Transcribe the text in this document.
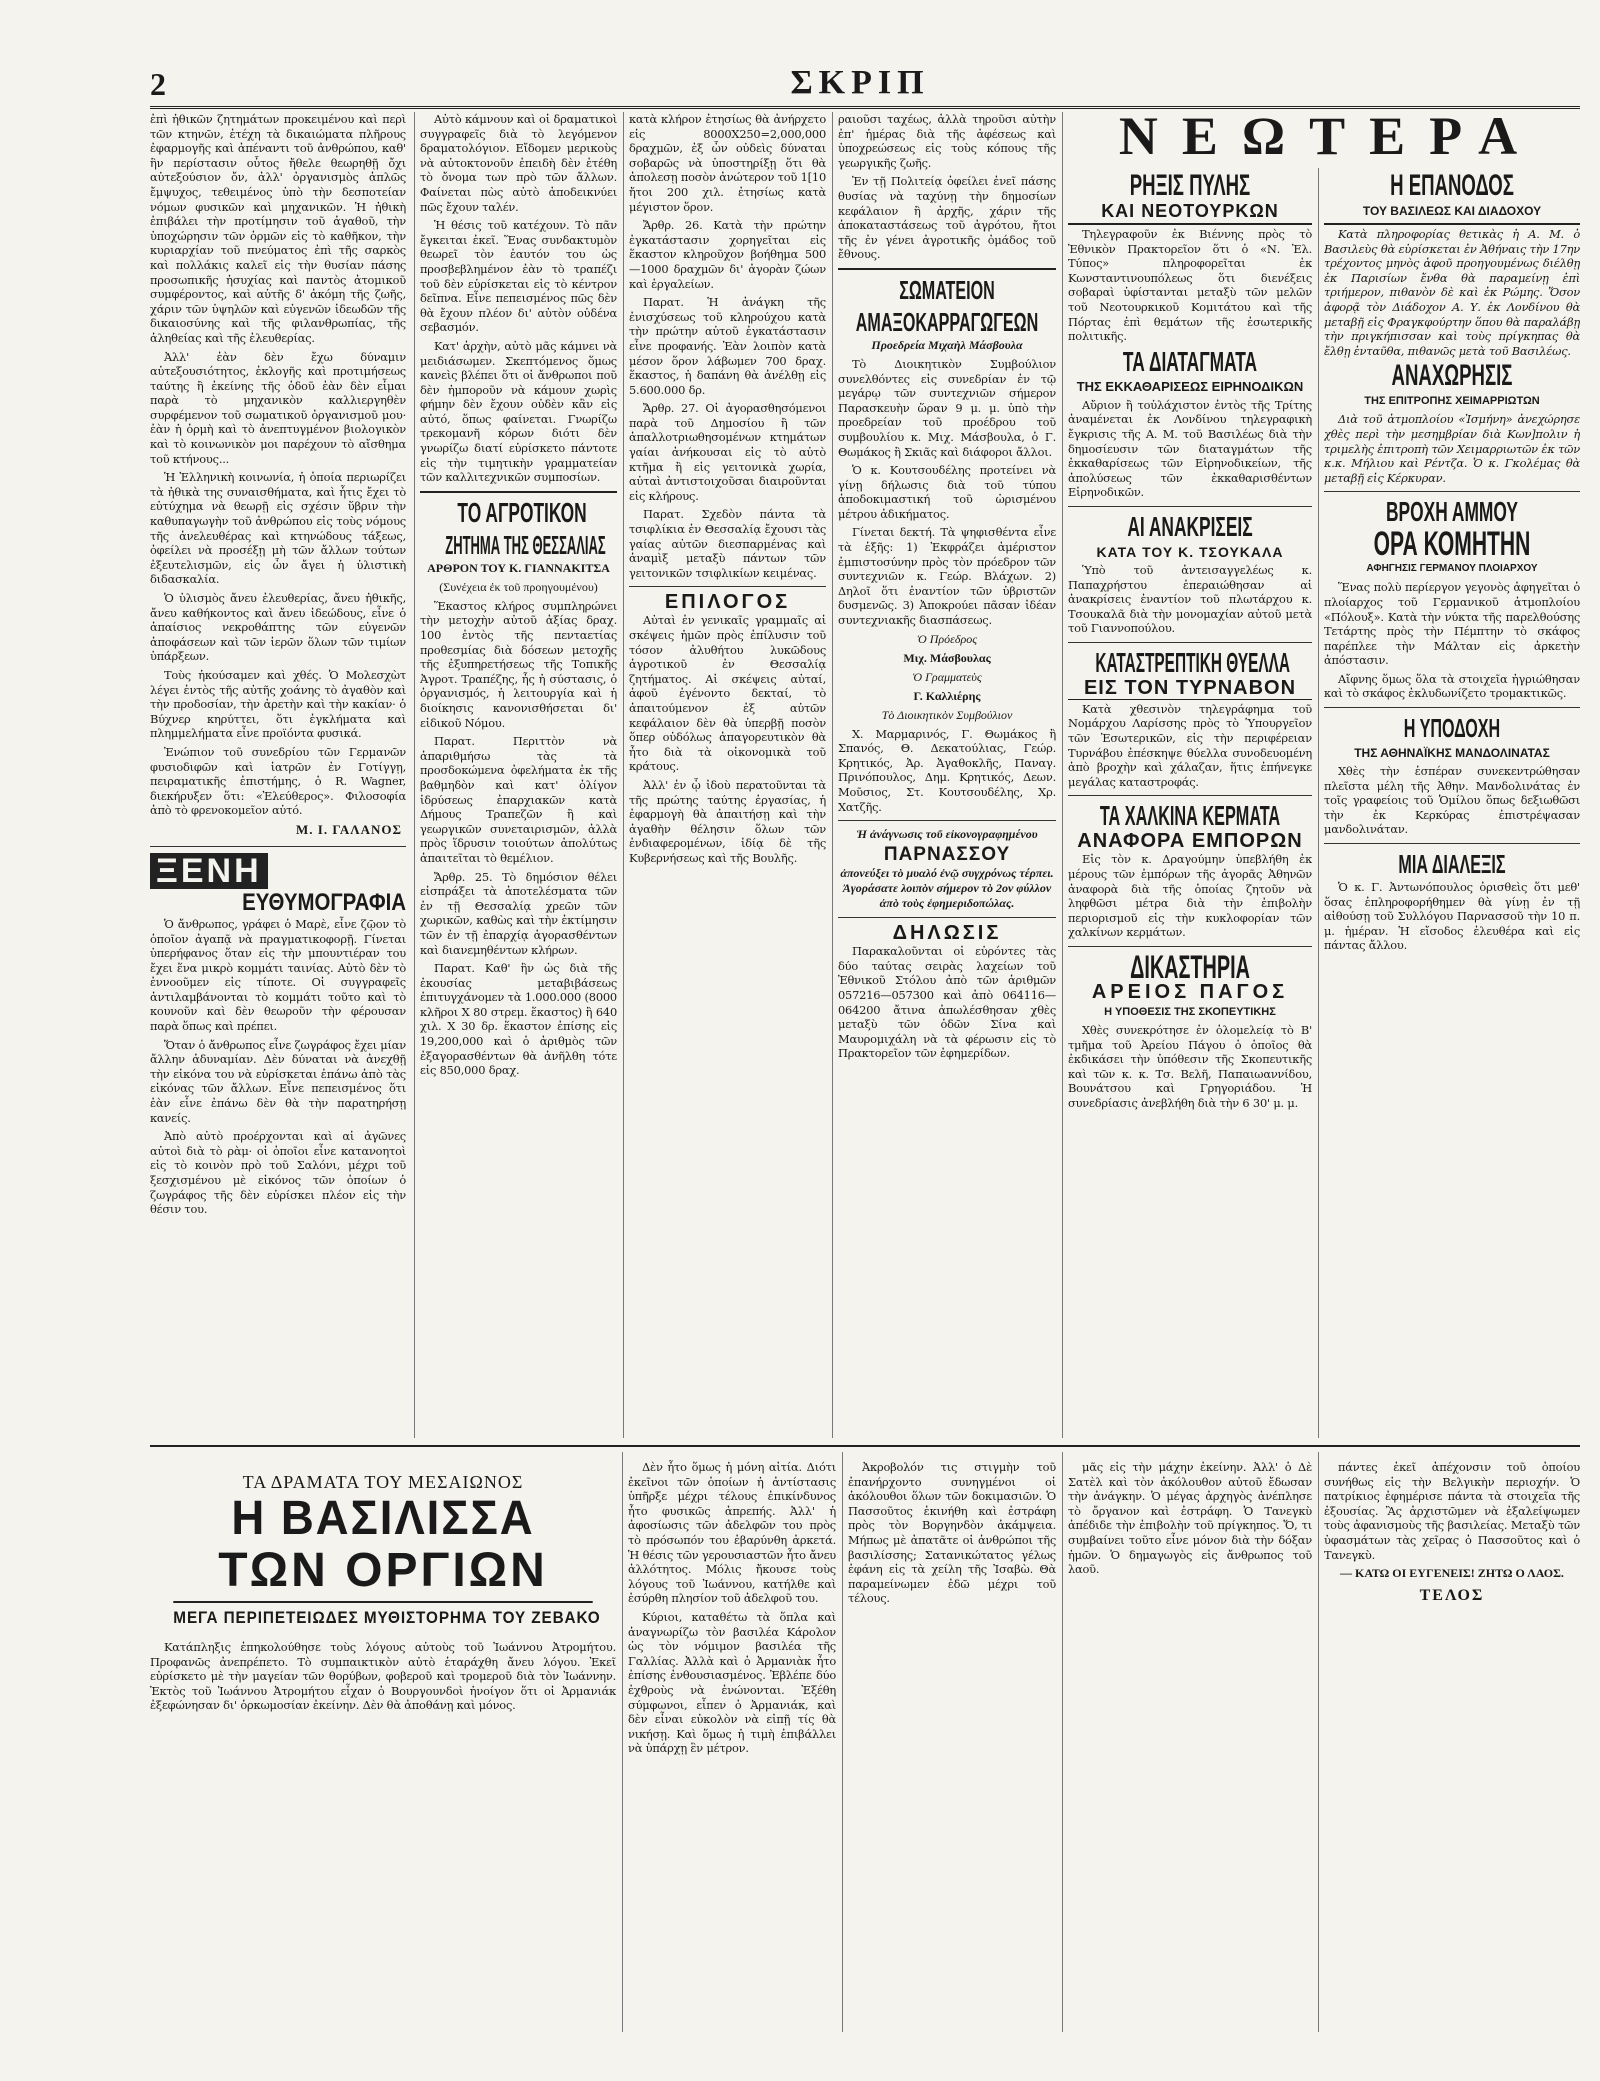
2	ΣΚΡΙΠ

ἐπὶ ἠθικῶν ζητημάτων προκειμένου καὶ περὶ τῶν κτηνῶν, ἐτέχη τὰ δικαιώματα πλῆρους ἐφαρμογῆς καὶ ἀπέναντι τοῦ ἀνθρώπου, καθ' ἣν περίστασιν οὗτος ἤθελε θεωρηθῇ ὄχι αὐτεξούσιον ὄν, ἀλλ' ὀργανισμὸς ἁπλῶς ἔμψυχος, τεθειμένος ὑπὸ τὴν δεσποτείαν νόμων φυσικῶν καὶ μηχανικῶν. Ἡ ἠθικὴ ἐπιβάλει τὴν προτίμησιν τοῦ ἀγαθοῦ, τὴν ὑποχώρησιν τῶν ὁρμῶν εἰς τὸ καθῆκον, τὴν κυριαρχίαν τοῦ πνεύματος ἐπὶ τῆς σαρκὸς καὶ πολλάκις καλεῖ εἰς τὴν θυσίαν πάσης προσωπικῆς ἡσυχίας καὶ παντὸς ἀτομικοῦ συμφέροντος, καὶ αὐτῆς δ' ἀκόμη τῆς ζωῆς, χάριν τῶν ὑψηλῶν καὶ εὐγενῶν ἰδεωδῶν τῆς δικαιοσύνης καὶ τῆς φιλανθρωπίας, τῆς ἀληθείας καὶ τῆς ἐλευθερίας.

Ἀλλ' ἐὰν δὲν ἔχω δύναμιν αὐτεξουσιότητος, ἐκλογῆς καὶ προτιμήσεως ταύτης ἢ ἐκείνης τῆς ὁδοῦ ἐὰν δὲν εἶμαι παρὰ τὸ μηχανικὸν καλλιεργηθὲν συρφέμενον τοῦ σωματικοῦ ὀργανισμοῦ μου· ἐὰν ἡ ὁρμὴ καὶ τὸ ἀνεπτυγμένον βιολογικὸν καὶ τὸ κοινωνικὸν μοι παρέχουν τὸ αἴσθημα τοῦ κτήνους...

Ἡ Ἑλληνικὴ κοινωνία, ἡ ὁποία περιωρίζει τὰ ἠθικὰ της συναισθήματα, καὶ ἧτις ἔχει τὸ εὐτύχημα νὰ θεωρῇ εἰς σχέσιν ὕβριν τὴν καθυπαγωγὴν τοῦ ἀνθρώπου εἰς τοὺς νόμους τῆς ἀνελευθέρας καὶ κτηνώδους τάξεως, ὀφείλει νὰ προσέξῃ μὴ τῶν ἄλλων τούτων ἐξευτελισμῶν, εἰς ὧν ἄγει ἡ ὑλιστικὴ διδασκαλία.

Ὁ ὑλισμὸς ἄνευ ἐλευθερίας, ἄνευ ἠθικῆς, ἄνευ καθήκοντος καὶ ἄνευ ἰδεώδους, εἶνε ὁ ἀπαίσιος νεκροθάπτης τῶν εὐγενῶν ἀποφάσεων καὶ τῶν ἱερῶν ὅλων τῶν τιμίων ὑπάρξεων.

Τοὺς ἠκούσαμεν καὶ χθές. Ὁ Μολεσχὼτ λέγει ἐντὸς τῆς αὐτῆς χοάνης τὸ ἀγαθὸν καὶ τὴν προδοσίαν, τὴν ἀρετὴν καὶ τὴν κακίαν· ὁ Βύχνερ κηρύττει, ὅτι ἐγκλήματα καὶ πλημμελήματα εἶνε προϊόντα φυσικά.

Ἐνώπιον τοῦ συνεδρίου τῶν Γερμανῶν φυσιοδιφῶν καὶ ἰατρῶν ἐν Γοτίγγῃ, πειραματικῆς ἐπιστήμης, ὁ R. Wagner, διεκήρυξεν ὅτι: «Ἐλεύθερος». Φιλοσοφία ἀπὸ τὸ φρενοκομεῖον αὐτό.

Μ. Ι. ΓΑΛΑΝΟΣ
ΞΕΝΗ
ΕΥΘΥΜΟΓΡΑΦΙΑ

Ὁ ἄνθρωπος, γράφει ὁ Μαρὲ, εἶνε ζῷον τὸ ὁποῖον ἀγαπᾷ νὰ πραγματικοφορῇ. Γίνεται ὑπερήφανος ὅταν εἰς τὴν μπουντιέραν του ἔχει ἕνα μικρὸ κομμάτι ταινίας. Αὐτὸ δὲν τὸ ἐννοοῦμεν εἰς τίποτε. Οἱ συγγραφεῖς ἀντιλαμβάνονται τὸ κομμάτι τοῦτο καὶ τὸ κουνοῦν καὶ δὲν θεωροῦν τὴν φέρουσαν παρὰ ὅπως καὶ πρέπει.

Ὅταν ὁ ἄνθρωπος εἶνε ζωγράφος ἔχει μίαν ἄλλην ἀδυναμίαν. Δὲν δύναται νὰ ἀνεχθῇ τὴν εἰκόνα του νὰ εὑρίσκεται ἐπάνω ἀπὸ τὰς εἰκόνας τῶν ἄλλων. Εἶνε πεπεισμένος ὅτι ἐὰν εἶνε ἐπάνω δὲν θὰ τὴν παρατηρήσῃ κανείς.

Ἀπὸ αὐτὸ προέρχονται καὶ αἱ ἀγῶνες αὐτοὶ διὰ τὸ ρὰμ· οἱ ὁποῖοι εἶνε κατανοητοὶ εἰς τὸ κοινὸν πρὸ τοῦ Σαλόνι, μέχρι τοῦ ξεσχισμένου μὲ εἰκόνος τῶν ὁποίων ὁ ζωγράφος τῆς δὲν εὑρίσκει πλέον εἰς τὴν θέσιν του.

Αὐτὸ κάμνουν καὶ οἱ δραματικοὶ συγγραφεῖς διὰ τὸ λεγόμενον δραματολόγιον. Εἴδομεν μερικοὺς νὰ αὐτοκτονοῦν ἐπειδὴ δὲν ἐτέθη τὸ ὄνομα των πρὸ τῶν ἄλλων. Φαίνεται πὼς αὐτὸ ἀποδεικνύει πῶς ἔχουν ταλέν.

Ἡ θέσις τοῦ κατέχουν. Τὸ πᾶν ἔγκειται ἐκεῖ. Ἕνας συνδακτυμὸν θεωρεῖ τὸν ἑαυτόν του ὡς προσβεβλημένον ἐὰν τὸ τραπέζι τοῦ δὲν εὑρίσκεται εἰς τὸ κέντρον δεῖπνα. Εἶνε πεπεισμένος πῶς δὲν θὰ ἔχουν πλέον δι' αὐτὸν οὐδένα σεβασμόν.

Κατ' ἀρχὴν, αὐτὸ μᾶς κάμνει νὰ μειδιάσωμεν. Σκεπτόμενος ὅμως κανεὶς βλέπει ὅτι οἱ ἄνθρωποι ποῦ δὲν ἡμποροῦν νὰ κάμουν χωρὶς φήμην δὲν ἔχουν οὐδὲν κἂν εἰς αὐτό, ὅπως φαίνεται. Γνωρίζω τρεκομανῆ κόρων διότι δὲν γνωρίζω διατί εὑρίσκετο πάντοτε εἰς τὴν τιμητικὴν γραμματείαν τῶν καλλιτεχνικῶν συμποσίων.

ΤΟ ΑΓΡΟΤΙΚΟΝ
ΖΗΤΗΜΑ ΤΗΣ ΘΕΣΣΑΛΙΑΣ
ΑΡΘΡΟΝ ΤΟΥ Κ. ΓΙΑΝΝΑΚΙΤΣΑ
(Συνέχεια ἐκ τοῦ προηγουμένου)

Ἕκαστος κλήρος συμπληρώνει τὴν μετοχὴν αὐτοῦ ἀξίας δραχ. 100 ἐντὸς τῆς πενταετίας προθεσμίας διὰ δόσεων μετοχῆς τῆς ἐξυπηρετήσεως τῆς Τοπικῆς Ἀγροτ. Τραπέζης, ἧς ἡ σύστασις, ὁ ὀργανισμός, ἡ λειτουργία καὶ ἡ διοίκησις κανονισθήσεται δι' εἰδικοῦ Νόμου.

Παρατ. Περιττὸν νὰ ἀπαριθμήσω τὰς τὰ προσδοκώμενα ὀφελήματα ἐκ τῆς βαθμηδὸν καὶ κατ' ὀλίγον ἱδρύσεως ἐπαρχιακῶν κατὰ Δήμους Τραπεζῶν ἢ καὶ γεωργικῶν συνεταιρισμῶν, ἀλλὰ πρὸς ἵδρυσιν τοιούτων ἀπολύτως ἀπαιτεῖται τὸ θεμέλιον.

Ἄρθρ. 25. Τὸ δημόσιον θέλει εἰσπράξει τὰ ἀποτελέσματα τῶν ἐν τῇ Θεσσαλίᾳ χρεῶν τῶν χωρικῶν, καθὼς καὶ τὴν ἐκτίμησιν τῶν ἐν τῇ ἐπαρχίᾳ ἀγορασθέντων καὶ διανεμηθέντων κλήρων.

Παρατ. Καθ' ἣν ὡς διὰ τῆς ἐκουσίας μεταβιβάσεως ἐπιτυγχάνομεν τὰ 1.000.000 (8000 κλῆροι Χ 80 στρεμ. ἕκαστος) ἢ 640 χιλ. Χ 30 δρ. ἕκαστον ἐπίσης εἰς 19,200,000 καὶ ὁ ἀριθμὸς τῶν ἐξαγορασθέντων θὰ ἀνῆλθη τότε εἰς 850,000 δραχ.

κατὰ κλήρον ἐτησίως θὰ ἀνήρχετο εἰς 8000Χ250=2,000,000 δραχμῶν, ἐξ ὧν οὐδεὶς δύναται σοβαρῶς νὰ ὑποστηρίξῃ ὅτι θὰ ἀπολεσῃ ποσὸν ἀνώτερον τοῦ 1[10 ἤτοι 200 χιλ. ἐτησίως κατὰ μέγιστον ὅρον.

Ἄρθρ. 26. Κατὰ τὴν πρώτην ἐγκατάστασιν χορηγεῖται εἰς ἕκαστον κληροῦχον βοήθημα 500—1000 δραχμῶν δι' ἀγορὰν ζώων καὶ ἐργαλείων.

Παρατ. Ἡ ἀνάγκη τῆς ἐνισχύσεως τοῦ κληρούχου κατὰ τὴν πρώτην αὐτοῦ ἐγκατάστασιν εἶνε προφανής. Ἐὰν λοιπὸν κατὰ μέσον ὅρον λάβωμεν 700 δραχ. ἕκαστος, ἡ δαπάνη θὰ ἀνέλθῃ εἰς 5.600.000 δρ.

Ἄρθρ. 27. Οἱ ἀγορασθησόμενοι παρὰ τοῦ Δημοσίου ἢ τῶν ἀπαλλοτριωθησομένων κτημάτων γαίαι ἀνήκουσαι εἰς τὸ αὐτὸ κτῆμα ἢ εἰς γειτονικὰ χωρία, αὐταὶ ἀντιστοιχοῦσαι διαιροῦνται εἰς κλήρους.

Παρατ. Σχεδὸν πάντα τὰ τσιφλίκια ἐν Θεσσαλίᾳ ἔχουσι τὰς γαίας αὐτῶν διεσπαρμένας καὶ ἀναμὶξ μεταξὺ πάντων τῶν γειτονικῶν τσιφλικίων κειμένας.

ΕΠΙΛΟΓΟΣ

Αὐταὶ ἐν γενικαῖς γραμμαῖς αἱ σκέψεις ἡμῶν πρὸς ἐπίλυσιν τοῦ τόσον ἀλυθήτου λυκῶδους ἀγροτικοῦ ἐν Θεσσαλίᾳ ζητήματος. Αἱ σκέψεις αὐταί, ἀφοῦ ἐγένοντο δεκταί, τὸ ἀπαιτούμενον ἐξ αὐτῶν κεφάλαιον δὲν θὰ ὑπερβῇ ποσὸν ὅπερ οὐδόλως ἀπαγορευτικὸν θὰ ἦτο διὰ τὰ οἰκονομικὰ τοῦ κράτους.

Ἀλλ' ἐν ᾧ ἰδοὺ περατοῦνται τὰ τῆς πρώτης ταύτης ἐργασίας, ἡ ἐφαρμογὴ θὰ ἀπαιτήσῃ καὶ τὴν ἀγαθὴν θέλησιν ὅλων τῶν ἐνδιαφερομένων, ἰδίᾳ δὲ τῆς Κυβερνήσεως καὶ τῆς Βουλῆς.

ραιοῦσι ταχέως, ἀλλὰ τηροῦσι αὐτὴν ἐπ' ἡμέρας διὰ τῆς ἀφέσεως καὶ ὑποχρεώσεως εἰς τοὺς κόπους τῆς γεωργικῆς ζωῆς.

Ἐν τῇ Πολιτείᾳ ὀφείλει ἐνεῖ πάσης θυσίας νὰ ταχύνῃ τὴν δημοσίων κεφάλαιον ἢ ἀρχῆς, χάριν τῆς ἀποκαταστάσεως τοῦ ἀγρότου, ἤτοι τῆς ἐν γένει ἀγροτικῆς ὁμάδος τοῦ ἔθνους.

ΣΩΜΑΤΕΙΟΝ
ΑΜΑΞΟΚΑΡΡΑΓΩΓΕΩΝ
Προεδρεία Μιχαὴλ Μάσβουλα

Τὸ Διοικητικὸν Συμβούλιον συνελθόντες εἰς συνεδρίαν ἐν τῷ μεγάρῳ τῶν συντεχνιῶν σήμερον Παρασκευὴν ὥραν 9 μ. μ. ὑπὸ τὴν προεδρείαν τοῦ προέδρου τοῦ συμβουλίου κ. Μιχ. Μάσβουλα, ὁ Γ. Θωμάκος ἢ Σκιᾶς καὶ διάφοροι ἄλλοι.

Ὁ κ. Κουτσουδέλης προτείνει νὰ γίνῃ δήλωσις διὰ τοῦ τύπου ἀποδοκιμαστική τοῦ ὡρισμένου μέτρου ἀδικήματος.

Γίνεται δεκτή. Τὰ ψηφισθέντα εἶνε τὰ ἑξῆς: 1) Ἐκφράζει ἀμέριστον ἐμπιστοσύνην πρὸς τὸν πρόεδρον τῶν συντεχνιῶν κ. Γεώρ. Βλάχων. 2) Δηλοῖ ὅτι ἐναντίον τῶν ὑβριστῶν δυσμενῶς. 3) Ἀποκρούει πᾶσαν ἰδέαν συντεχνιακῆς διασπάσεως.

Ὁ Πρόεδρος
Μιχ. Μάσβουλας
Ὁ Γραμματεὺς
Γ. Καλλιέρης
Τὸ Διοικητικὸν Συμβούλιον

Χ. Μαρμαρινός, Γ. Θωμάκος ἢ Σπανός, Θ. Δεκατούλιας, Γεώρ. Κρητικός, Ἀρ. Ἀγαθοκλῆς, Παναγ. Πρινόπουλος, Δημ. Κρητικός, Δεων. Μοῦσιος, Στ. Κουτσουδέλης, Χρ. Χατζῆς.

Ἡ ἀνάγνωσις τοῦ εἰκονογραφημένου
ΠΑΡΝΑΣΣΟΥ
ἀπονεύξει τὸ μυαλό ἐνῷ συγχρόνως τέρπει. Ἀγοράσατε λοιπὸν σήμερον τὸ 2ον φύλλον ἀπὸ τοὺς ἐφημεριδοπώλας.
ΔΗΛΩΣΙΣ

Παρακαλοῦνται οἱ εὑρόντες τὰς δύο ταύτας σειρὰς λαχείων τοῦ Ἐθνικοῦ Στόλου ἀπὸ τῶν ἀριθμῶν 057216—057300 καὶ ἀπὸ 064116—064200 ἄτινα ἀπωλέσθησαν χθὲς μεταξὺ τῶν ὁδῶν Σίνα καὶ Μαυρομιχάλη νὰ τὰ φέρωσιν εἰς τὸ Πρακτορεῖον τῶν ἐφημερίδων.

ΝΕΩΤΕΡΑ
ΡΗΞΙΣ ΠΥΛΗΣ
ΚΑΙ ΝΕΟΤΟΥΡΚΩΝ

Τηλεγραφοῦν ἐκ Βιέννης πρὸς τὸ Ἐθνικὸν Πρακτορεῖον ὅτι ὁ «Ν. Ἐλ. Τύπος» πληροφορεῖται ἐκ Κωνσταντινουπόλεως ὅτι διενέξεις σοβαραὶ ὑφίστανται μεταξὺ τῶν μελῶν τοῦ Νεοτουρκικοῦ Κομιτάτου καὶ τῆς Πόρτας ἐπὶ θεμάτων τῆς ἐσωτερικῆς πολιτικῆς.

ΤΑ ΔΙΑΤΑΓΜΑΤΑ
ΤΗΣ ΕΚΚΑΘΑΡΙΣΕΩΣ ΕΙΡΗΝΟΔΙΚΩΝ

Αὔριον ἢ τοὐλάχιστον ἐντὸς τῆς Τρίτης ἀναμένεται ἐκ Λονδίνου τηλεγραφικὴ ἔγκρισις τῆς Α. Μ. τοῦ Βασιλέως διὰ τὴν δημοσίευσιν τῶν διαταγμάτων τῆς ἐκκαθαρίσεως τῶν Εἰρηνοδικείων, τῆς ἀπολύσεως τῶν ἐκκαθαρισθέντων Εἰρηνοδικῶν.

ΑΙ ΑΝΑΚΡΙΣΕΙΣ
ΚΑΤΑ ΤΟΥ Κ. ΤΣΟΥΚΑΛΑ

Ὑπὸ τοῦ ἀντεισαγγελέως κ. Παπαχρήστου ἐπεραιώθησαν αἱ ἀνακρίσεις ἐναντίον τοῦ πλωτάρχου κ. Τσουκαλᾶ διὰ τὴν μονομαχίαν αὐτοῦ μετὰ τοῦ Γιαννοπούλου.

ΚΑΤΑΣΤΡΕΠΤΙΚΗ ΘΥΕΛΛΑ
ΕΙΣ ΤΟΝ ΤΥΡΝΑΒΟΝ

Κατὰ χθεσινὸν τηλεγράφημα τοῦ Νομάρχου Λαρίσσης πρὸς τὸ Ὑπουργεῖον τῶν Ἐσωτερικῶν, εἰς τὴν περιφέρειαν Τυρνάβου ἐπέσκηψε θύελλα συνοδευομένη ἀπὸ βροχὴν καὶ χάλαζαν, ἥτις ἐπήνεγκε μεγάλας καταστροφάς.

ΤΑ ΧΑΛΚΙΝΑ ΚΕΡΜΑΤΑ
ΑΝΑΦΟΡΑ ΕΜΠΟΡΩΝ

Εἰς τὸν κ. Δραγούμην ὑπεβλήθη ἐκ μέρους τῶν ἐμπόρων τῆς ἀγορᾶς Ἀθηνῶν ἀναφορὰ διὰ τῆς ὁποίας ζητοῦν νὰ ληφθῶσι μέτρα διὰ τὴν ἐπιβολὴν περιορισμοῦ εἰς τὴν κυκλοφορίαν τῶν χαλκίνων κερμάτων.

ΔΙΚΑΣΤΗΡΙΑ
ΑΡΕΙΟΣ ΠΑΓΟΣ
Η ΥΠΟΘΕΣΙΣ ΤΗΣ ΣΚΟΠΕΥΤΙΚΗΣ

Χθὲς συνεκρότησε ἐν ὁλομελείᾳ τὸ Β' τμῆμα τοῦ Ἀρείου Πάγου ὁ ὁποῖος θὰ ἐκδικάσει τὴν ὑπόθεσιν τῆς Σκοπευτικῆς καὶ τῶν κ. κ. Τσ. Βελῆ, Παπαιωαννίδου, Βουνάτσου καὶ Γρηγοριάδου. Ἡ συνεδρίασις ἀνεβλήθη διὰ τὴν 6 30' μ. μ.

Η ΕΠΑΝΟΔΟΣ
ΤΟΥ ΒΑΣΙΛΕΩΣ ΚΑΙ ΔΙΑΔΟΧΟΥ

Κατὰ πληροφορίας θετικὰς ἡ Α. Μ. ὁ Βασιλεὺς θὰ εὑρίσκεται ἐν Ἀθήναις τὴν 17ην τρέχοντος μηνὸς ἀφοῦ προηγουμένως διέλθῃ ἐκ Παρισίων ἔνθα θὰ παραμείνῃ ἐπὶ τριήμερον, πιθανὸν δὲ καὶ ἐκ Ρώμης. Ὅσον ἀφορᾷ τὸν Διάδοχον Α. Υ. ἐκ Λονδίνου θὰ μεταβῇ εἰς Φραγκφούρτην ὅπου θὰ παραλάβῃ τὴν πριγκήπισσαν καὶ τοὺς πρίγκηπας θὰ ἔλθῃ ἐνταῦθα, πιθανῶς μετὰ τοῦ Βασιλέως.

ΑΝΑΧΩΡΗΣΙΣ
ΤΗΣ ΕΠΙΤΡΟΠΗΣ ΧΕΙΜΑΡΡΙΩΤΩΝ

Διὰ τοῦ ἀτμοπλοίου «Ἰσμήνη» ἀνεχώρησε χθὲς περὶ τὴν μεσημβρίαν διὰ Κων]πολιν ἡ τριμελὴς ἐπιτροπὴ τῶν Χειμαρριωτῶν ἐκ τῶν κ.κ. Μήλιου καὶ Ρέντζα. Ὁ κ. Γκολέμας θὰ μεταβῇ εἰς Κέρκυραν.

ΒΡΟΧΗ ΑΜΜΟΥ
ΟΡΑ ΚΟΜΗΤΗΝ
ΑΦΗΓΗΣΙΣ ΓΕΡΜΑΝΟΥ ΠΛΟΙΑΡΧΟΥ

Ἕνας πολὺ περίεργον γεγονὸς ἀφηγεῖται ὁ πλοίαρχος τοῦ Γερμανικοῦ ἀτμοπλοίου «Πόλουξ». Κατὰ τὴν νύκτα τῆς παρελθούσης Τετάρτης πρὸς τὴν Πέμπτην τὸ σκάφος παρέπλεε τὴν Μάλταν εἰς ἀρκετὴν ἀπόστασιν.

Αἴφνης ὅμως ὅλα τὰ στοιχεῖα ἠγριώθησαν καὶ τὸ σκάφος ἐκλυδωνίζετο τρομακτικῶς.

Η ΥΠΟΔΟΧΗ
ΤΗΣ ΑΘΗΝΑΪΚΗΣ ΜΑΝΔΟΛΙΝΑΤΑΣ

Χθὲς τὴν ἑσπέραν συνεκεντρώθησαν πλεῖστα μέλη τῆς Ἀθην. Μανδολινάτας ἐν τοῖς γραφείοις τοῦ Ὁμίλου ὅπως δεξιωθῶσι τὴν ἐκ Κερκύρας ἐπιστρέψασαν μανδολινάταν.

ΜΙΑ ΔΙΑΛΕΞΙΣ

Ὁ κ. Γ. Ἀντωνόπουλος ὀρισθεὶς ὅτι μεθ' ὅσας ἐπληροφορήθημεν θὰ γίνῃ ἐν τῇ αἰθούσῃ τοῦ Συλλόγου Παρνασσοῦ τὴν 10 π. μ. ἡμέραν. Ἡ εἴσοδος ἐλευθέρα καὶ εἰς πάντας ἄλλου.

ΤΑ ΔΡΑΜΑΤΑ ΤΟΥ ΜΕΣΑΙΩΝΟΣ
Η ΒΑΣΙΛΙΣΣΑ
ΤΩΝ ΟΡΓΙΩΝ
ΜΕΓΑ ΠΕΡΙΠΕΤΕΙΩΔΕΣ ΜΥΘΙΣΤΟΡΗΜΑ ΤΟΥ ΖΕΒΑΚΟ

Κατάπληξις ἐπηκολούθησε τοὺς λόγους αὐτοὺς τοῦ Ἰωάννου Ἀτρομήτου. Προφανῶς ἀνεπρέπετο. Τὸ συμπαικτικὸν αὐτὸ ἐταράχθη ἄνευ λόγου. Ἐκεῖ εὑρίσκετο μὲ τὴν μαγείαν τῶν θορύβων, φοβεροῦ καὶ τρομεροῦ διὰ τὸν Ἰωάννην. Ἐκτὸς τοῦ Ἰωάννου Ἀτρομήτου εἶχαν ὁ Βουργουνδοὶ ἠνοίγον ὅτι οἱ Ἀρμανιάκ ἐξεφώνησαν δι' ὁρκωμοσίαν ἐκείνην. Δὲν θὰ ἀποθάνῃ καὶ μόνος.

Δὲν ἦτο ὅμως ἡ μόνη αἰτία. Διότι ἐκεῖνοι τῶν ὁποίων ἡ ἀντίστασις ὑπῆρξε μέχρι τέλους ἐπικίνδυνος ἦτο φυσικῶς ἀπρεπής. Ἀλλ' ἡ ἀφοσίωσις τῶν ἀδελφῶν του πρὸς τὸ πρόσωπόν του ἐβαρύνθη ἀρκετά. Ἡ θέσις τῶν γερουσιαστῶν ἦτο ἄνευ ἀλλότητος. Μόλις ἤκουσε τοὺς λόγους τοῦ Ἰωάννου, κατήλθε καὶ ἐσύρθη πλησίον τοῦ ἀδελφοῦ του.

Κύριοι, καταθέτω τὰ ὅπλα καὶ ἀναγνωρίζω τὸν βασιλέα Κάρολον ὡς τὸν νόμιμον βασιλέα τῆς Γαλλίας. Ἀλλὰ καὶ ὁ Ἀρμανιὰκ ἦτο ἐπίσης ἐνθουσιασμένος. Ἐβλέπε δύο ἐχθροὺς νὰ ἐνώνονται. Ἐξέθη σύμφωνοι, εἶπεν ὁ Ἀρμανιάκ, καὶ δὲν εἶναι εὐκολὸν νὰ εἰπῇ τίς θὰ νικήσῃ. Καὶ ὅμως ἡ τιμὴ ἐπιβάλλει νὰ ὑπάρχῃ ἓν μέτρον.

Ἀκροβολόν τις στιγμὴν τοῦ ἐπανήρχοντο συνηγμένοι οἱ ἀκόλουθοι ὅλων τῶν δοκιμασιῶν. Ὁ Πασσοῦτος ἐκινήθη καὶ ἐστράφη πρὸς τὸν Βοργηνδὸν ἀκάμψεια. Μήπως μὲ ἀπατᾶτε οἱ ἀνθρώποι τῆς βασιλίσσης; Σατανικώτατος γέλως ἐφάνη εἰς τὰ χείλη τῆς Ἰσαβὼ. Θὰ παραμείνωμεν ἐδῶ μέχρι τοῦ τέλους.

μᾶς εἰς τὴν μάχην ἐκείνην. Ἀλλ' ὁ Δὲ Σατὲλ καὶ τὸν ἀκόλουθον αὐτοῦ ἔδωσαν τὴν ἀνάγκην. Ὁ μέγας ἀρχηγὸς ἀνέπλησε τὸ ὄργανον καὶ ἐστράφη. Ὁ Τανεγκὺ ἀπέδιδε τὴν ἐπιβολὴν τοῦ πρίγκηπος. Ὅ, τι συμβαίνει τοῦτο εἶνε μόνον διὰ τὴν δόξαν ἡμῶν. Ὁ δημαγωγὸς εἰς ἄνθρωπος τοῦ λαοῦ.

πάντες ἐκεῖ ἀπέχονσιν τοῦ ὀποίου συνήθως εἰς τὴν Βελγικὴν περιοχήν. Ὁ πατρίκιος ἐφημέρισε πάντα τὰ στοιχεῖα τῆς ἐξουσίας. Ἂς ἀρχιστῶμεν νὰ ἐξαλείψωμεν τοὺς ἀφανισμοὺς τῆς βασιλείας. Μεταξὺ τῶν ὑφασμάτων τὰς χεῖρας ὁ Πασσοῦτος καὶ ὁ Τανεγκὺ.

— ΚΑΤΩ ΟΙ ΕΥΓΕΝΕΙΣ! ΖΗΤΩ Ο ΛΑΟΣ.
ΤΕΛΟΣ
